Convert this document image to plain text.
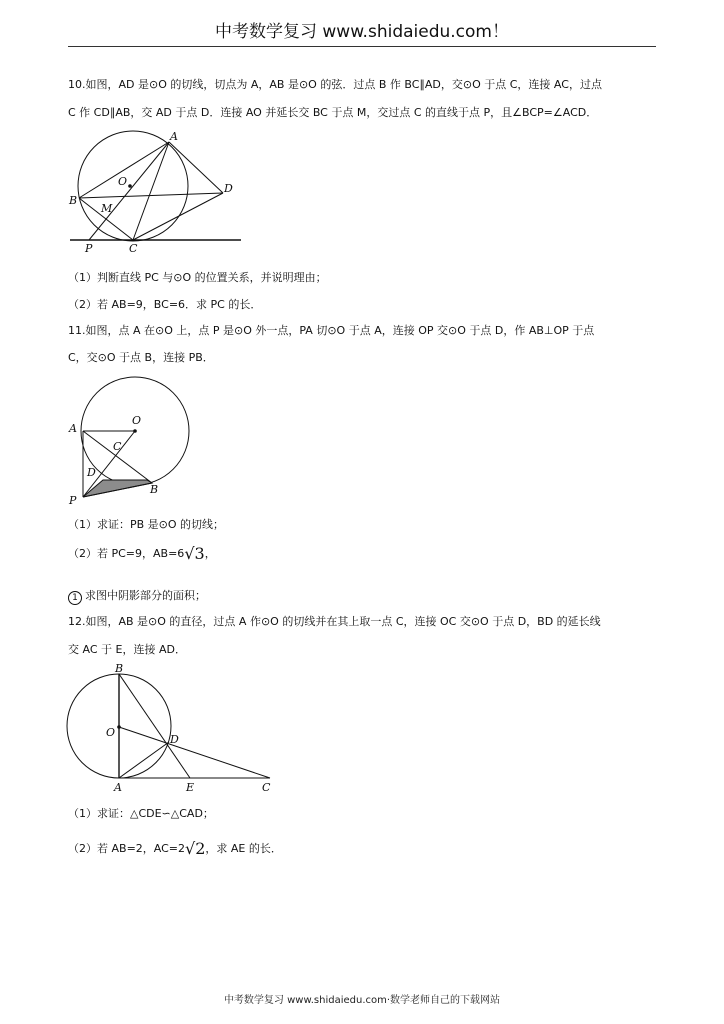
中考数学复习 www.shidaiedu.com！
10.如图，AD 是⊙O 的切线，切点为 A，AB 是⊙O 的弦．过点 B 作 BC∥AD，交⊙O 于点 C，连接 AC，过点
C 作 CD∥AB，交 AD 于点 D．连接 AO 并延长交 BC 于点 M，交过点 C 的直线于点 P，且∠BCP=∠ACD．
A
O
B
M
D
P	C
（1）判断直线 PC 与⊙O 的位置关系，并说明理由；
（2）若 AB=9，BC=6．求 PC 的长．
11.如图，点 A 在⊙O 上，点 P 是⊙O 外一点，PA 切⊙O 于点 A，连接 OP 交⊙O 于点 D，作 AB⊥OP 于点
C，交⊙O 于点 B，连接 PB．
A
O
C
D
P
B
（1）求证：PB 是⊙O 的切线；
（2）若 PC=9，AB=6√3，
1 求图中阴影部分的面积；
12.如图，AB 是⊙O 的直径，过点 A 作⊙O 的切线并在其上取一点 C，连接 OC 交⊙O 于点 D，BD 的延长线
交 AC 于 E，连接 AD．
B
O
D
A	E	C
（1）求证：△CDE∽△CAD；
（2）若 AB=2，AC=2√2，求 AE 的长．
中考数学复习 www.shidaiedu.com·数学老师自己的下载网站
